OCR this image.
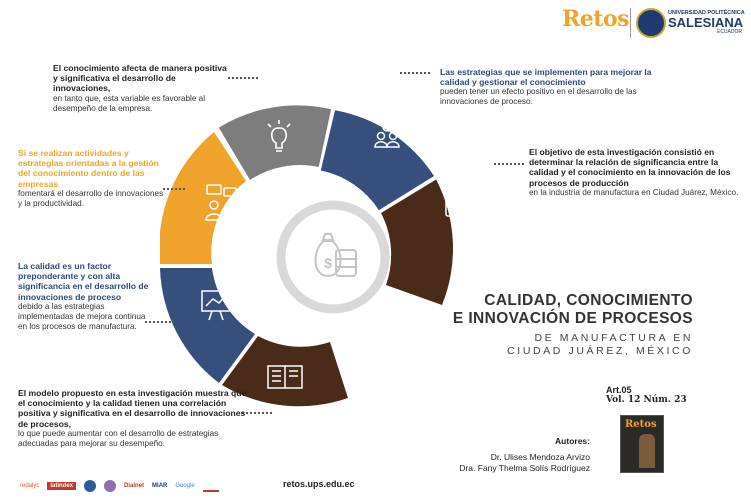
Retos	UNIVERSIDAD POLITÉCNICA
SALESIANA
ECUADOR
$
El conocimiento afecta de manera positiva y significativa el desarrollo de innovaciones,
en tanto que, esta variable es favorable al desempeño de la empresa.
Si se realizan actividades y estrategias orientadas a la gestión del conocimiento dentro de las empresas
fomentará el desarrollo de innovaciones y la productividad.
La calidad es un factor preponderante y con alta significancia en el desarrollo de innovaciones de proceso
debido a las estrategias implementadas de mejora continua en los procesos de manufactura.
El modelo propuesto en esta investigación muestra que el conocimiento y la calidad tienen una correlación positiva y significativa en el desarrollo de innovaciones de procesos,
lo que puede aumentar con el desarrollo de estrategias adecuadas para mejorar su desempeño.
Las estrategias que se implementen para mejorar la calidad y gestionar el conocimiento
pueden tener un efecto positivo en el desarrollo de las innovaciones de proceso.
El objetivo de esta investigación consistió en determinar la relación de significancia entre la calidad y el conocimiento en la innovación de los procesos de producción
en la industria de manufactura en Ciudad Juárez, México.
CALIDAD, CONOCIMIENTO
E INNOVACIÓN DE PROCESOS
DE MANUFACTURA EN
CIUDAD JUÁREZ, MÉXICO
Art.05
Vol. 12 Núm. 23
Autores:
Dr. Ulises Mendoza Arvizo
Dra. Fany Thelma Solís Rodríguez
Retos
redalyc	latindex	Dialnet MIAR Google	retos.ups.edu.ec
